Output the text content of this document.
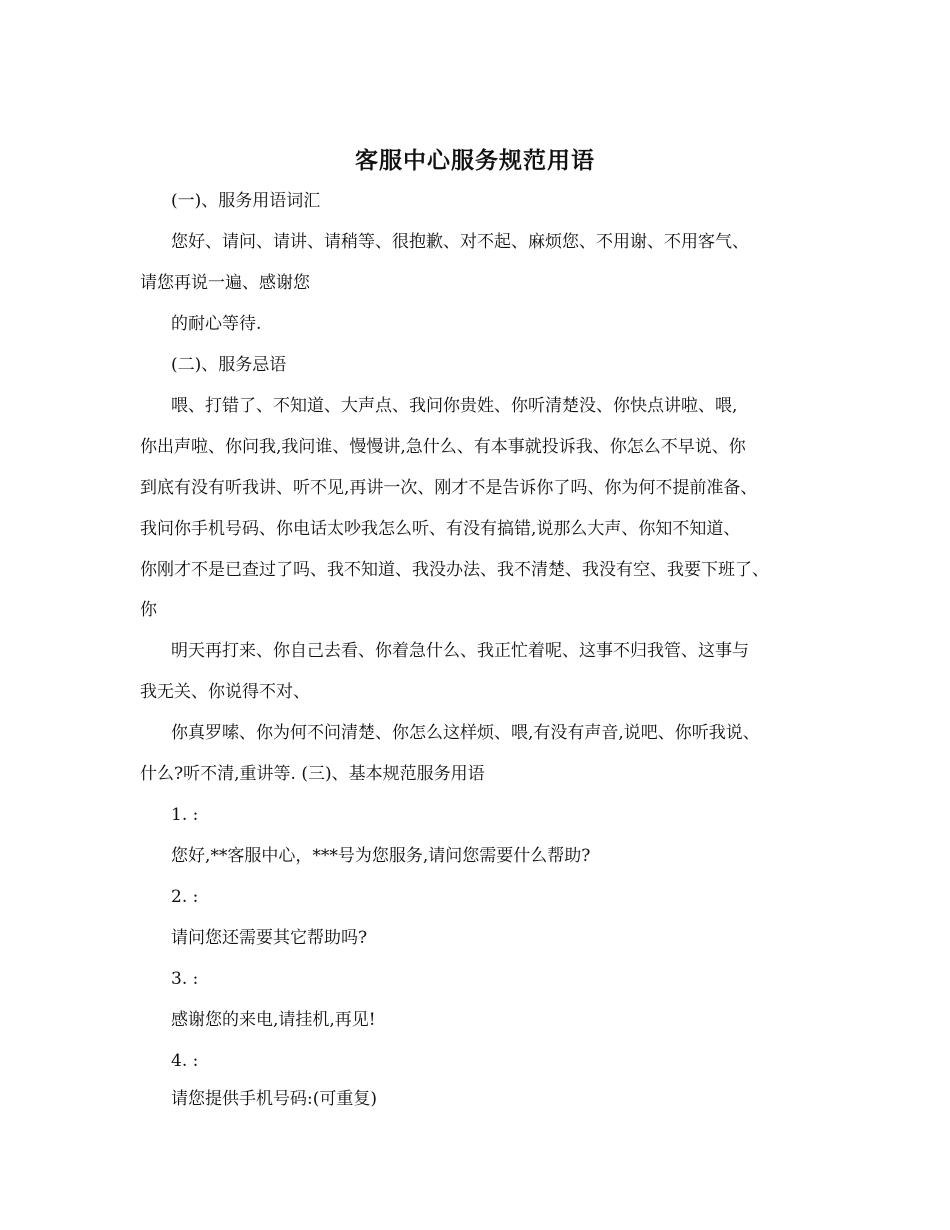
客服中心服务规范用语
(一)、服务用语词汇
您好、请问、请讲、请稍等、很抱歉、对不起、麻烦您、不用谢、不用客气、
请您再说一遍、感谢您
的耐心等待.
(二)、服务忌语
喂、打错了、不知道、大声点、我问你贵姓、你听清楚没、你快点讲啦、喂,
你出声啦、你问我,我问谁、慢慢讲,急什么、有本事就投诉我、你怎么不早说、你
到底有没有听我讲、听不见,再讲一次、刚才不是告诉你了吗、你为何不提前准备、
我问你手机号码、你电话太吵我怎么听、有没有搞错,说那么大声、你知不知道、
你刚才不是已查过了吗、我不知道、我没办法、我不清楚、我没有空、我要下班了、
你
明天再打来、你自己去看、你着急什么、我正忙着呢、这事不归我管、这事与
我无关、你说得不对、
你真罗嗦、你为何不问清楚、你怎么这样烦、喂,有没有声音,说吧、你听我说、
什么?听不清,重讲等. (三)、基本规范服务用语
1. :
您好,**客服中心，***号为您服务,请问您需要什么帮助?
2. :
请问您还需要其它帮助吗?
3. :
感谢您的来电,请挂机,再见!
4. :
请您提供手机号码:(可重复)
